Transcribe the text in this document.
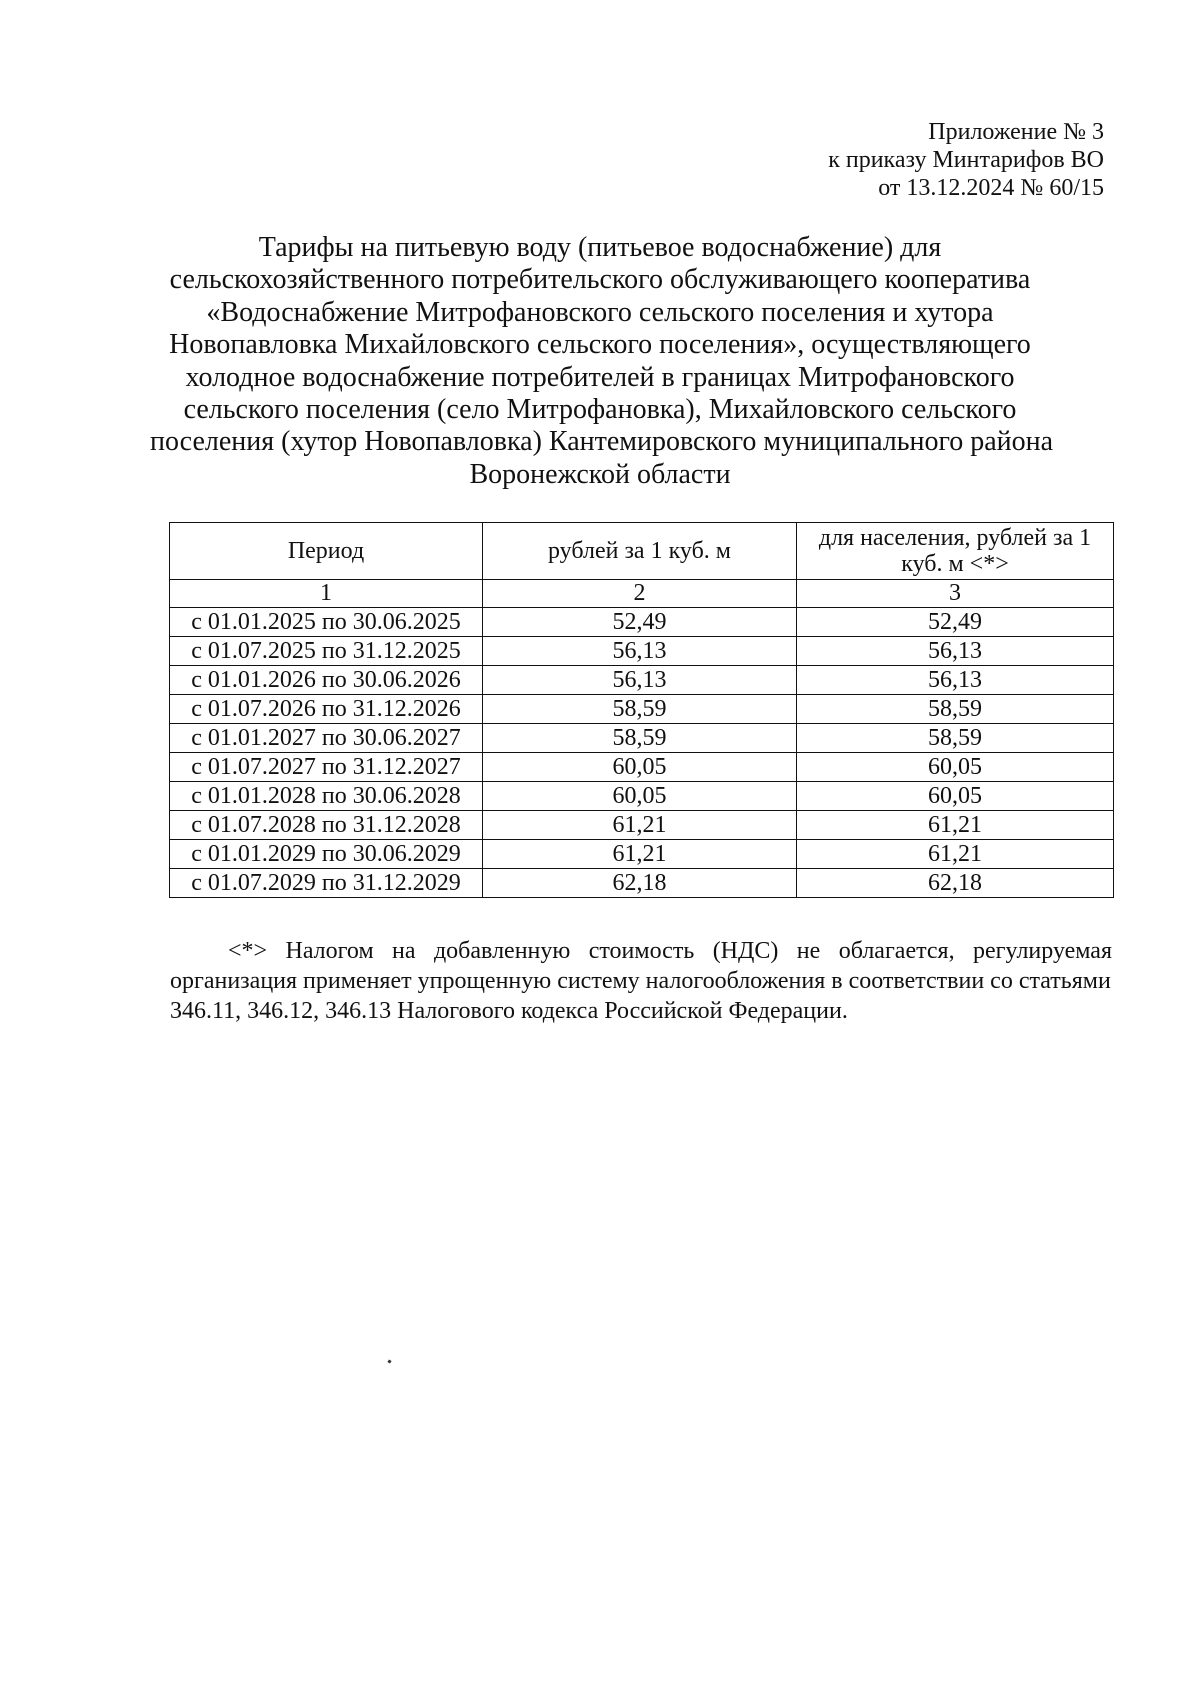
Приложение № 3
к приказу Минтарифов ВО
от 13.12.2024 № 60/15
Тарифы на питьевую воду (питьевое водоснабжение) для
сельскохозяйственного потребительского обслуживающего кооператива
«Водоснабжение Митрофановского сельского поселения и хутора
Новопавловка Михайловского сельского поселения», осуществляющего
холодное водоснабжение потребителей в границах Митрофановского
сельского поселения (село Митрофановка), Михайловского сельского
поселения (хутор Новопавловка) Кантемировского муниципального района
Воронежской области
Период	рублей за 1 куб. м	для населения, рублей за 1 куб. м <*>
1	2	3
с 01.01.2025 по 30.06.2025	52,49	52,49
с 01.07.2025 по 31.12.2025	56,13	56,13
с 01.01.2026 по 30.06.2026	56,13	56,13
с 01.07.2026 по 31.12.2026	58,59	58,59
с 01.01.2027 по 30.06.2027	58,59	58,59
с 01.07.2027 по 31.12.2027	60,05	60,05
с 01.01.2028 по 30.06.2028	60,05	60,05
с 01.07.2028 по 31.12.2028	61,21	61,21
с 01.01.2029 по 30.06.2029	61,21	61,21
с 01.07.2029 по 31.12.2029	62,18	62,18
<*> Налогом на добавленную стоимость (НДС) не облагается, регулируемая
организация применяет упрощенную систему налогообложения в соответствии со статьями
346.11, 346.12, 346.13 Налогового кодекса Российской Федерации.
